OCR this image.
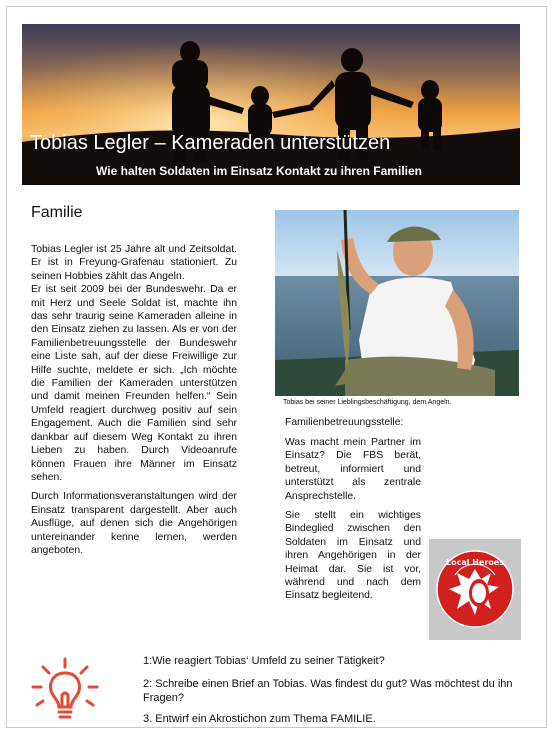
Tobias Legler – Kameraden unterstützen
Wie halten Soldaten im Einsatz Kontakt zu ihren Familien
Familie

Tobias Legler ist 25 Jahre alt und Zeitsoldat. Er ist in Freyung-Grafenau stationiert. Zu seinen Hobbies zählt das Angeln.

Er ist seit 2009 bei der Bundeswehr. Da er mit Herz und Seele Soldat ist, machte ihn das sehr traurig seine Kameraden alleine in den Einsatz ziehen zu lassen. Als er von der Familienbetreuungsstelle der Bundeswehr eine Liste sah, auf der diese Freiwillige zur Hilfe suchte, meldete er sich. „Ich möchte die Familien der Kameraden unterstützen und damit meinen Freunden helfen.“ Sein Umfeld reagiert durchweg positiv auf sein Engagement. Auch die Familien sind sehr dankbar auf diesem Weg Kontakt zu ihren Lieben zu haben. Durch Videoanrufe können Frauen ihre Männer im Einsatz sehen.

Durch Informationsveranstaltungen wird der Einsatz transparent dargestellt. Aber auch Ausflüge, auf denen sich die Angehörigen untereinander kenne lernen, werden angeboten.

Tobias bei seiner Lieblingsbeschäftigung, dem Angeln.
Familienbetreuungsstelle:

Was macht mein Partner im Einsatz? Die FBS berät, betreut, informiert und unterstützt als zentrale Ansprechstelle.

Sie stellt ein wichtiges Bindeglied zwischen den Soldaten im Einsatz und ihren Angehörigen in der Heimat dar. Sie ist vor, während und nach dem Einsatz begleitend.

Local Heroes
1:Wie reagiert Tobias‘ Umfeld zu seiner Tätigkeit?
2: Schreibe einen Brief an Tobias. Was findest du gut? Was möchtest du ihn Fragen?
3. Entwirf ein Akrostichon zum Thema FAMILIE.
